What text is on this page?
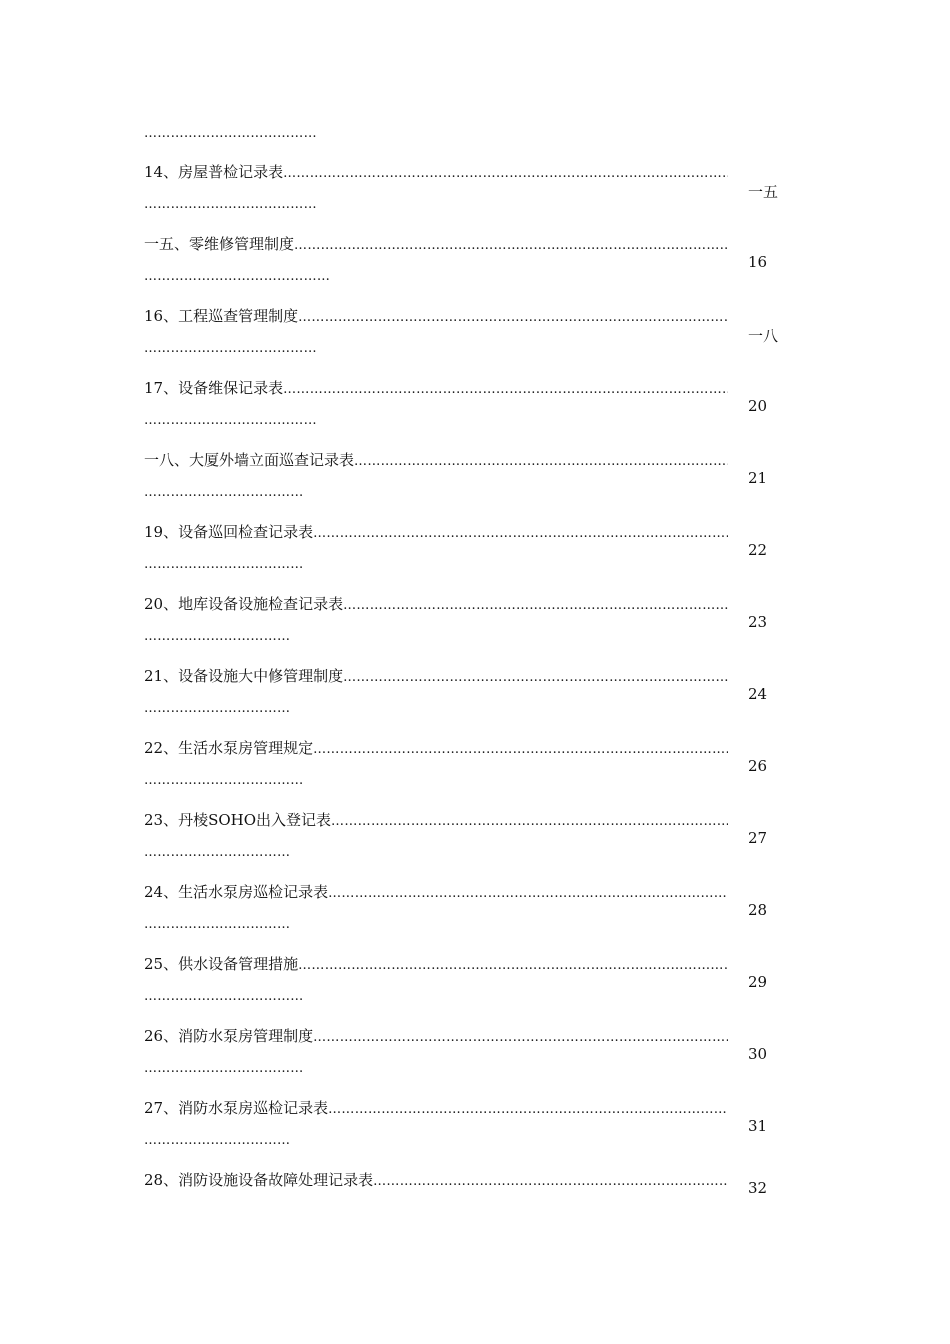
…………………………………
14、房屋普检记录表
……………………………………………………………………………………………………………………
…………………………………
一五
一五、零维修管理制度
……………………………………………………………………………………………………………………
……………………………………
16
16、工程巡查管理制度
……………………………………………………………………………………………………………………
…………………………………
一八
17、设备维保记录表
……………………………………………………………………………………………………………………
…………………………………
20
一八、大厦外墙立面巡查记录表
……………………………………………………………………………………………………………………
………………………………
21
19、设备巡回检查记录表
……………………………………………………………………………………………………………………
………………………………
22
20、地库设备设施检查记录表
……………………………………………………………………………………………………………………
……………………………
23
21、设备设施大中修管理制度
……………………………………………………………………………………………………………………
……………………………
24
22、生活水泵房管理规定
……………………………………………………………………………………………………………………
………………………………
26
23、丹棱SOHO出入登记表
……………………………………………………………………………………………………………………
……………………………
27
24、生活水泵房巡检记录表
……………………………………………………………………………………………………………………
……………………………
28
25、供水设备管理措施
……………………………………………………………………………………………………………………
………………………………
29
26、消防水泵房管理制度
……………………………………………………………………………………………………………………
………………………………
30
27、消防水泵房巡检记录表
……………………………………………………………………………………………………………………
……………………………
31
28、消防设施设备故障处理记录表
……………………………………………………………………………………………………………………	32
